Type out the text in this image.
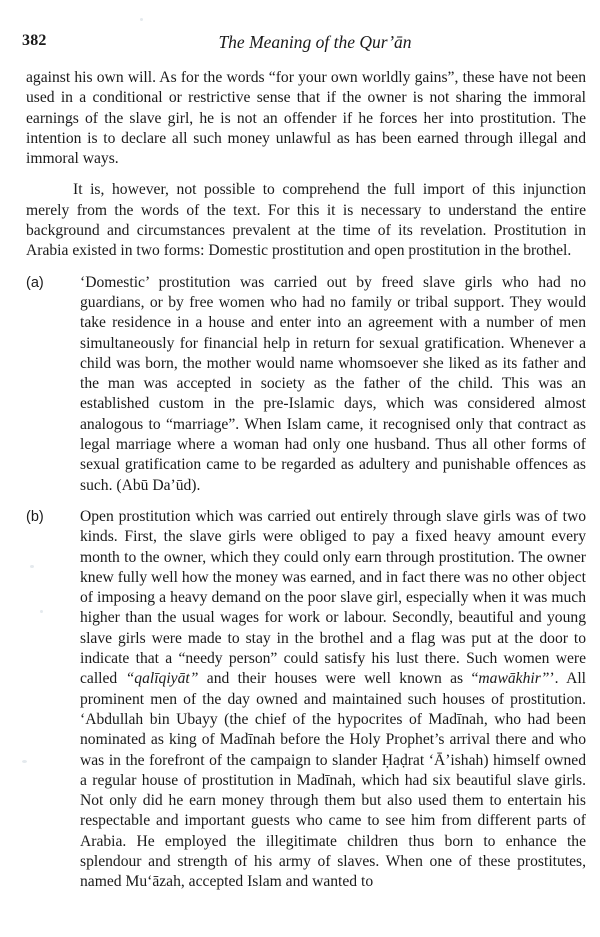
382	The Meaning of the Qur’ān

against his own will. As for the words “for your own worldly gains”, these have not been used in a conditional or restrictive sense that if the owner is not sharing the immoral earnings of the slave girl, he is not an offender if he forces her into prostitution. The intention is to declare all such money unlawful as has been earned through illegal and immoral ways.

It is, however, not possible to comprehend the full import of this injunction merely from the words of the text. For this it is necessary to understand the entire background and circumstances prevalent at the time of its revelation. Prostitution in Arabia existed in two forms: Domestic prostitution and open prostitution in the brothel.

(a) ‘Domestic’ prostitution was carried out by freed slave girls who had no guardians, or by free women who had no family or tribal support. They would take residence in a house and enter into an agreement with a number of men simultaneously for financial help in return for sexual gratification. Whenever a child was born, the mother would name whomsoever she liked as its father and the man was accepted in society as the father of the child. This was an established custom in the pre-Islamic days, which was considered almost analogous to “marriage”. When Islam came, it recognised only that contract as legal marriage where a woman had only one husband. Thus all other forms of sexual gratification came to be regarded as adultery and punishable offences as such. (Abū Da’ūd).
(b) Open prostitution which was carried out entirely through slave girls was of two kinds. First, the slave girls were obliged to pay a fixed heavy amount every month to the owner, which they could only earn through prostitution. The owner knew fully well how the money was earned, and in fact there was no other object of imposing a heavy demand on the poor slave girl, especially when it was much higher than the usual wages for work or labour. Secondly, beautiful and young slave girls were made to stay in the brothel and a flag was put at the door to indicate that a “needy person” could satisfy his lust there. Such women were called “qalīqiyāt” and their houses were well known as “mawākhir”’. All prominent men of the day owned and maintained such houses of prostitution. ‘Abdullah bin Ubayy (the chief of the hypocrites of Madīnah, who had been nominated as king of Madīnah before the Holy Prophet’s arrival there and who was in the forefront of the campaign to slander Ḥaḍrat ‘Ā’ishah) himself owned a regular house of prostitution in Madīnah, which had six beautiful slave girls. Not only did he earn money through them but also used them to entertain his respectable and important guests who came to see him from different parts of Arabia. He employed the illegitimate children thus born to enhance the splendour and strength of his army of slaves. When one of these prostitutes, named Mu‘āzah, accepted Islam and wanted to
